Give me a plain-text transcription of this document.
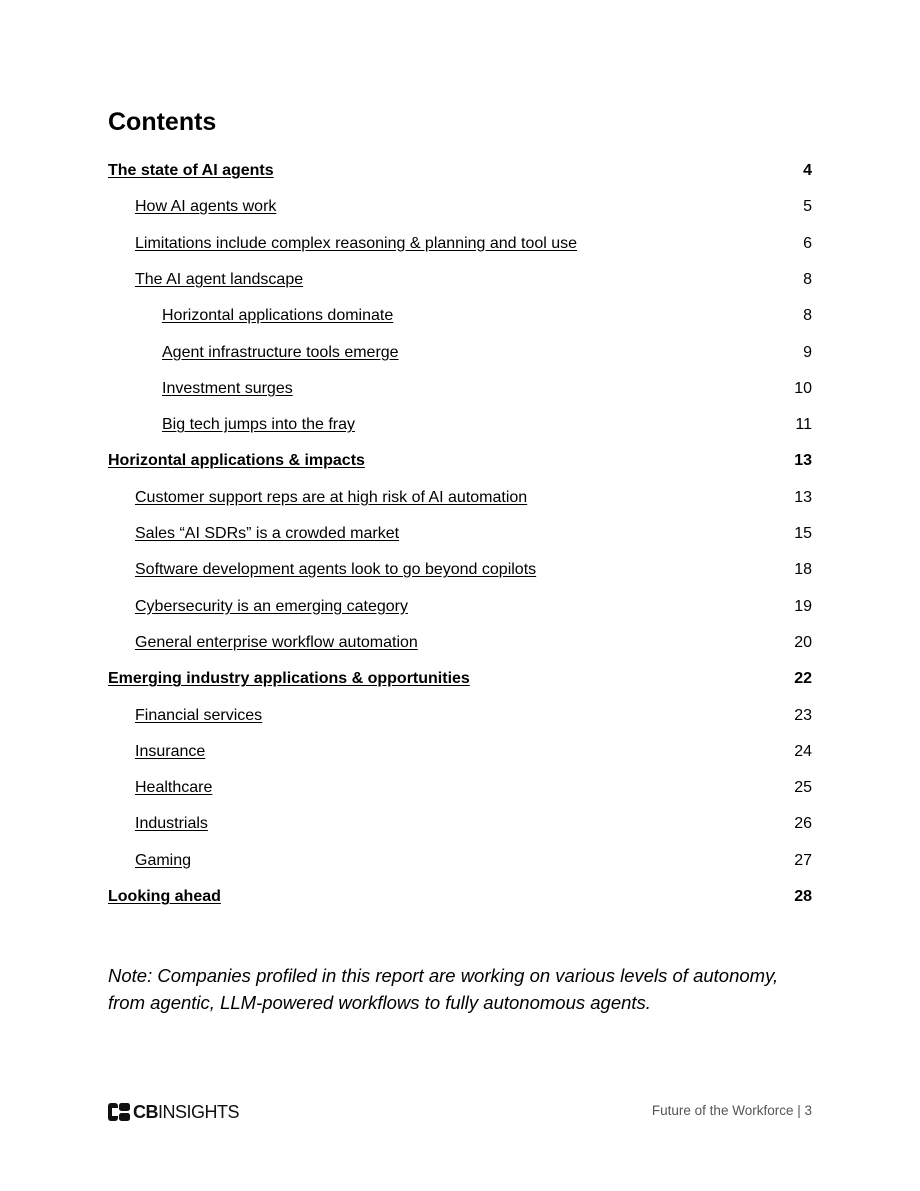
Contents
The state of AI agents	4
How AI agents work	5
Limitations include complex reasoning & planning and tool use	6
The AI agent landscape	8
Horizontal applications dominate	8
Agent infrastructure tools emerge	9
Investment surges	10
Big tech jumps into the fray	11
Horizontal applications & impacts	13
Customer support reps are at high risk of AI automation	13
Sales “AI SDRs” is a crowded market	15
Software development agents look to go beyond copilots	18
Cybersecurity is an emerging category	19
General enterprise workflow automation	20
Emerging industry applications & opportunities	22
Financial services	23
Insurance	24
Healthcare	25
Industrials	26
Gaming	27
Looking ahead	28

Note: Companies profiled in this report are working on various levels of autonomy, from agentic, LLM-powered workflows to fully autonomous agents.

CBINSIGHTS	Future of the Workforce | 3
